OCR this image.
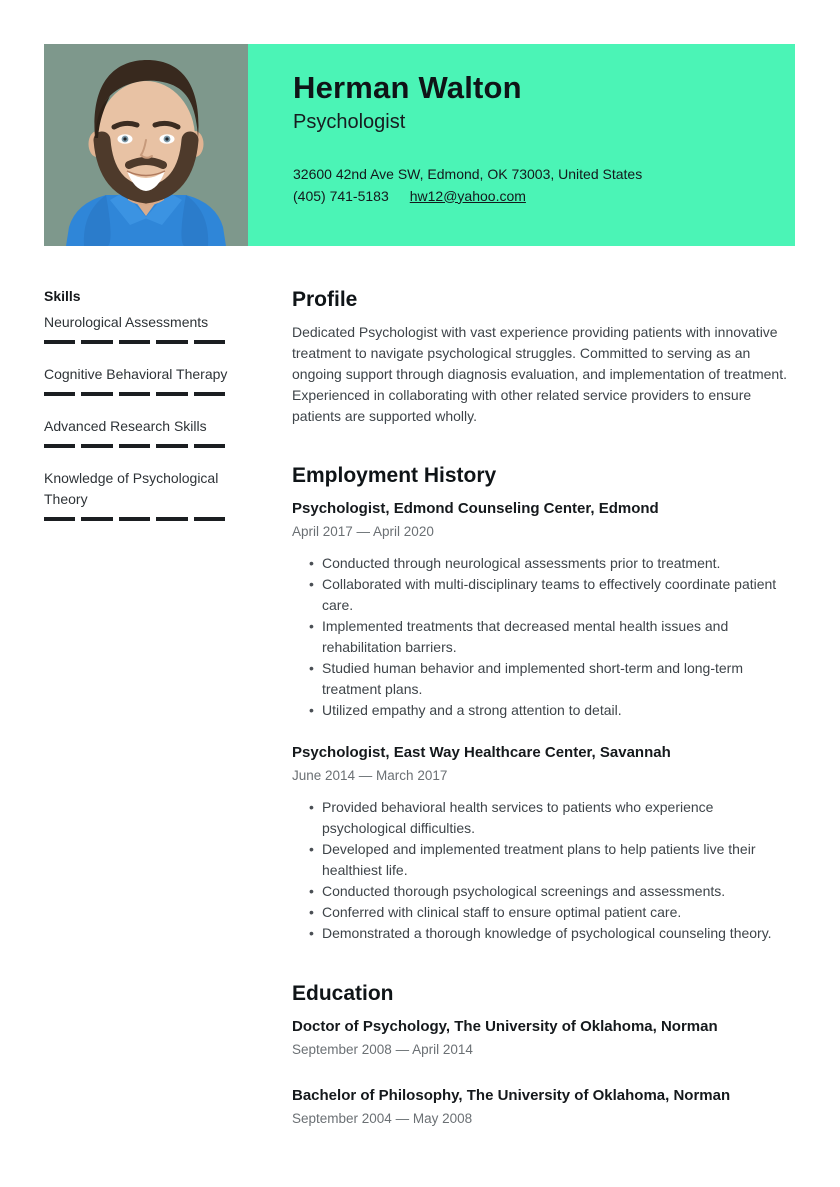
Herman Walton
Psychologist
32600 42nd Ave SW, Edmond, OK 73003, United States
(405) 741-5183 hw12@yahoo.com
Skills
Neurological Assessments
Cognitive Behavioral Therapy
Advanced Research Skills
Knowledge of Psychological Theory
Profile

Dedicated Psychologist with vast experience providing patients with innovative treatment to navigate psychological struggles. Committed to serving as an ongoing support through diagnosis evaluation, and implementation of treatment. Experienced in collaborating with other related service providers to ensure patients are supported wholly.

Employment History
Psychologist, Edmond Counseling Center, Edmond
April 2017 — April 2020
• Conducted through neurological assessments prior to treatment.
• Collaborated with multi-disciplinary teams to effectively coordinate patient care.
• Implemented treatments that decreased mental health issues and rehabilitation barriers.
• Studied human behavior and implemented short-term and long-term treatment plans.
• Utilized empathy and a strong attention to detail.
Psychologist, East Way Healthcare Center, Savannah
June 2014 — March 2017
• Provided behavioral health services to patients who experience psychological difficulties.
• Developed and implemented treatment plans to help patients live their healthiest life.
• Conducted thorough psychological screenings and assessments.
• Conferred with clinical staff to ensure optimal patient care.
• Demonstrated a thorough knowledge of psychological counseling theory.
Education
Doctor of Psychology, The University of Oklahoma, Norman
September 2008 — April 2014
Bachelor of Philosophy, The University of Oklahoma, Norman
September 2004 — May 2008
